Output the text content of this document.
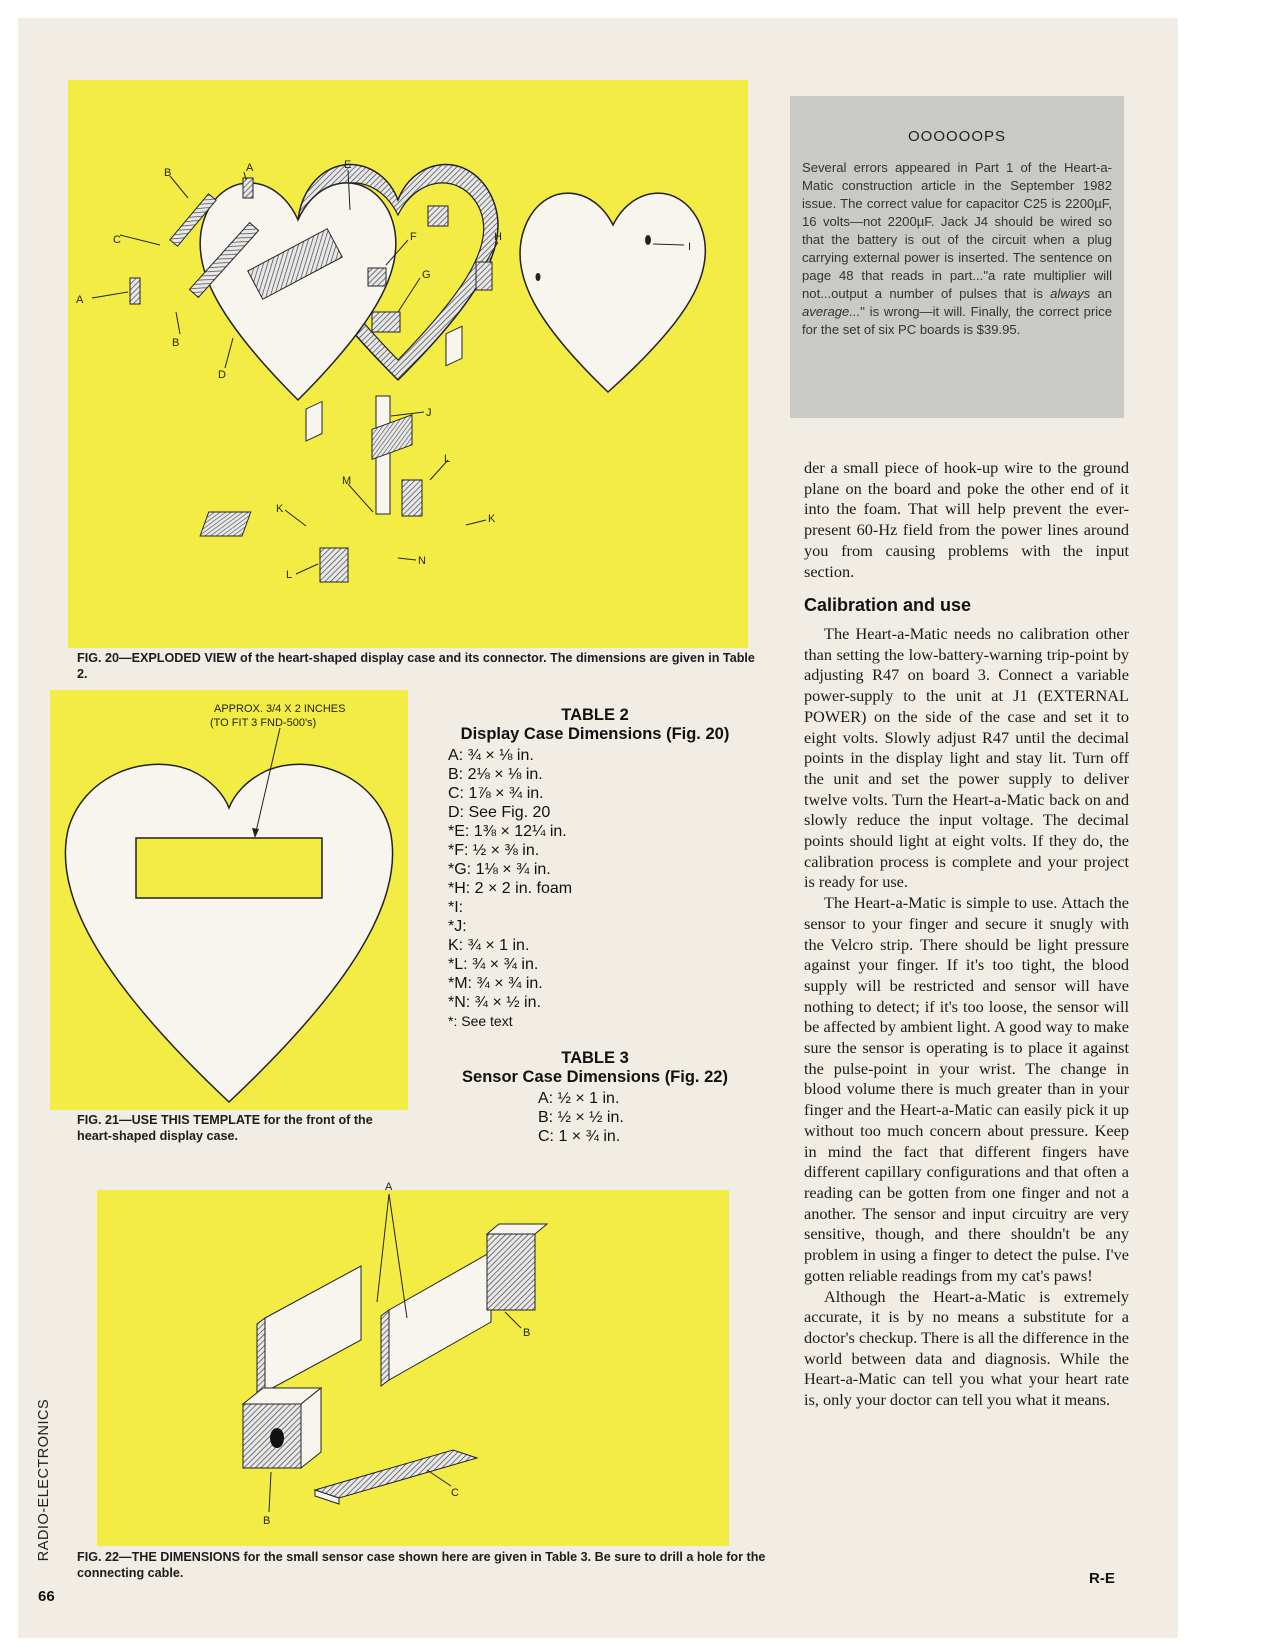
B	A
C
A
B
D
E
F
G
H
I
J
K
M
L
K
L
N

FIG. 20—EXPLODED VIEW of the heart-shaped display case and its connector. The dimensions are given in Table 2.

APPROX. 3/4 X 2 INCHES
(TO FIT 3 FND-500's)

FIG. 21—USE THIS TEMPLATE for the front of the heart-shaped display case.

TABLE 2
Display Case Dimensions (Fig. 20)
A: ¾ × ⅛ in.
B: 2⅛ × ⅛ in.
C: 1⅞ × ¾ in.
D: See Fig. 20
*E: 1⅜ × 12¼ in.
*F: ½ × ⅜ in.
*G: 1⅛ × ¾ in.
*H: 2 × 2 in. foam
*I:
*J:
K: ¾ × 1 in.
*L: ¾ × ¾ in.
*M: ¾ × ¾ in.
*N: ¾ × ½ in.
*: See text
TABLE 3
Sensor Case Dimensions (Fig. 22)
A: ½ × 1 in.
B: ½ × ½ in.
C: 1 × ¾ in.
A
B
B
C

FIG. 22—THE DIMENSIONS for the small sensor case shown here are given in Table 3. Be sure to drill a hole for the connecting cable.

OOOOOOPS

Several errors appeared in Part 1 of the Heart-a-Matic construction article in the September 1982 issue. The correct value for capacitor C25 is 2200µF, 16 volts—not 2200µF. Jack J4 should be wired so that the battery is out of the circuit when a plug carrying external power is inserted. The sentence on page 48 that reads in part..."a rate multiplier will not...output a number of pulses that is always an average..." is wrong—it will. Finally, the correct price for the set of six PC boards is $39.95.

der a small piece of hook-up wire to the ground plane on the board and poke the other end of it into the foam. That will help prevent the ever-present 60-Hz field from the power lines around you from causing problems with the input section.

Calibration and use

The Heart-a-Matic needs no calibration other than setting the low-battery-warning trip-point by adjusting R47 on board 3. Connect a variable power-supply to the unit at J1 (EXTERNAL POWER) on the side of the case and set it to eight volts. Slowly adjust R47 until the decimal points in the display light and stay lit. Turn off the unit and set the power supply to deliver twelve volts. Turn the Heart-a-Matic back on and slowly reduce the input voltage. The decimal points should light at eight volts. If they do, the calibration process is complete and your project is ready for use.

The Heart-a-Matic is simple to use. Attach the sensor to your finger and secure it snugly with the Velcro strip. There should be light pressure against your finger. If it's too tight, the blood supply will be restricted and sensor will have nothing to detect; if it's too loose, the sensor will be affected by ambient light. A good way to make sure the sensor is operating is to place it against the pulse-point in your wrist. The change in blood volume there is much greater than in your finger and the Heart-a-Matic can easily pick it up without too much concern about pressure. Keep in mind the fact that different fingers have different capillary configurations and that often a reading can be gotten from one finger and not a another. The sensor and input circuitry are very sensitive, though, and there shouldn't be any problem in using a finger to detect the pulse. I've gotten reliable readings from my cat's paws!

Although the Heart-a-Matic is extremely accurate, it is by no means a substitute for a doctor's checkup. There is all the difference in the world between data and diagnosis. While the Heart-a-Matic can tell you what your heart rate is, only your doctor can tell you what it means.

R-E
RADIO-ELECTRONICS
66
